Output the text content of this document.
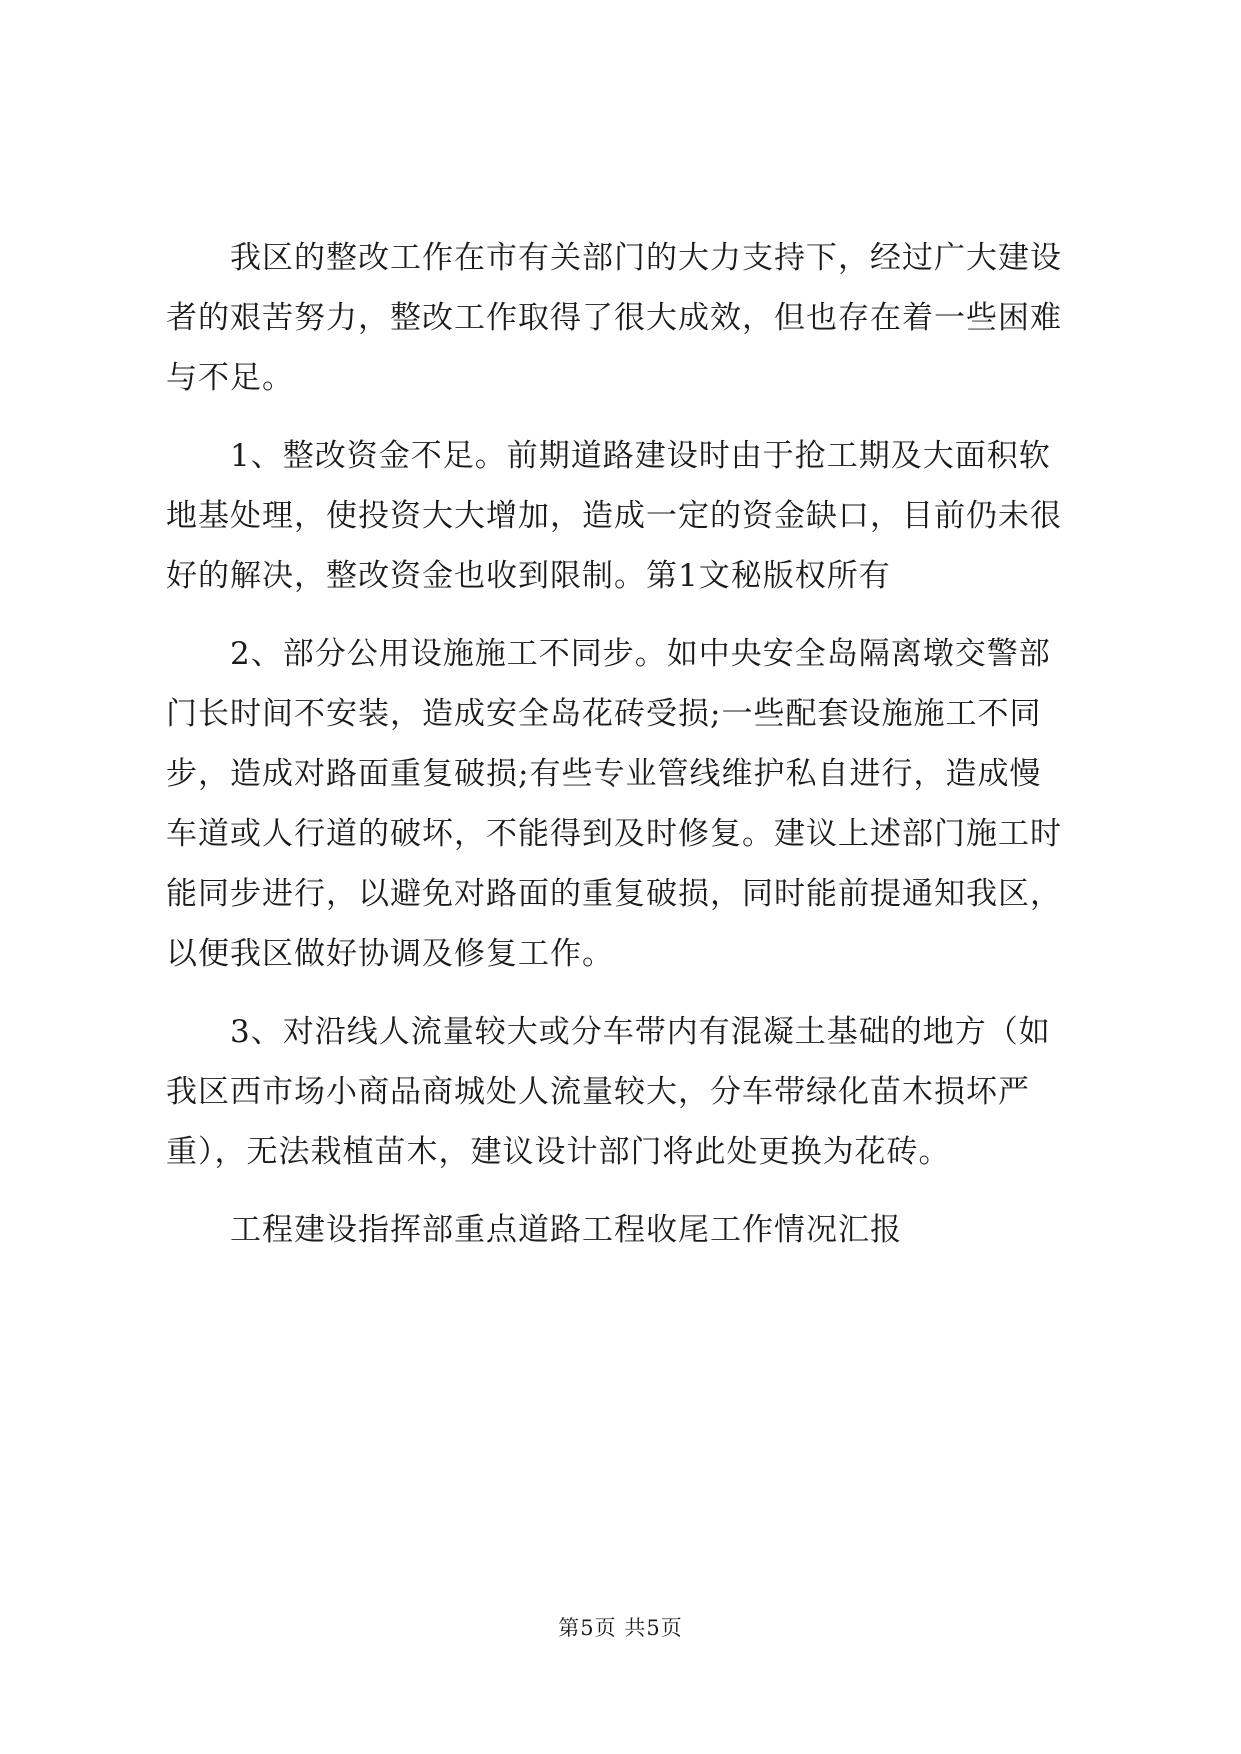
　　我区的整改工作在市有关部门的大力支持下，经过广大建设
者的艰苦努力，整改工作取得了很大成效，但也存在着一些困难
与不足。
　　1、整改资金不足。前期道路建设时由于抢工期及大面积软
地基处理，使投资大大增加，造成一定的资金缺口，目前仍未很
好的解决，整改资金也收到限制。第1文秘版权所有
　　2、部分公用设施施工不同步。如中央安全岛隔离墩交警部
门长时间不安装，造成安全岛花砖受损;一些配套设施施工不同
步，造成对路面重复破损;有些专业管线维护私自进行，造成慢
车道或人行道的破坏，不能得到及时修复。建议上述部门施工时
能同步进行，以避免对路面的重复破损，同时能前提通知我区，
以便我区做好协调及修复工作。
　　3、对沿线人流量较大或分车带内有混凝土基础的地方（如
我区西市场小商品商城处人流量较大，分车带绿化苗木损坏严
重），无法栽植苗木，建议设计部门将此处更换为花砖。
　　工程建设指挥部重点道路工程收尾工作情况汇报
第5页 共5页
